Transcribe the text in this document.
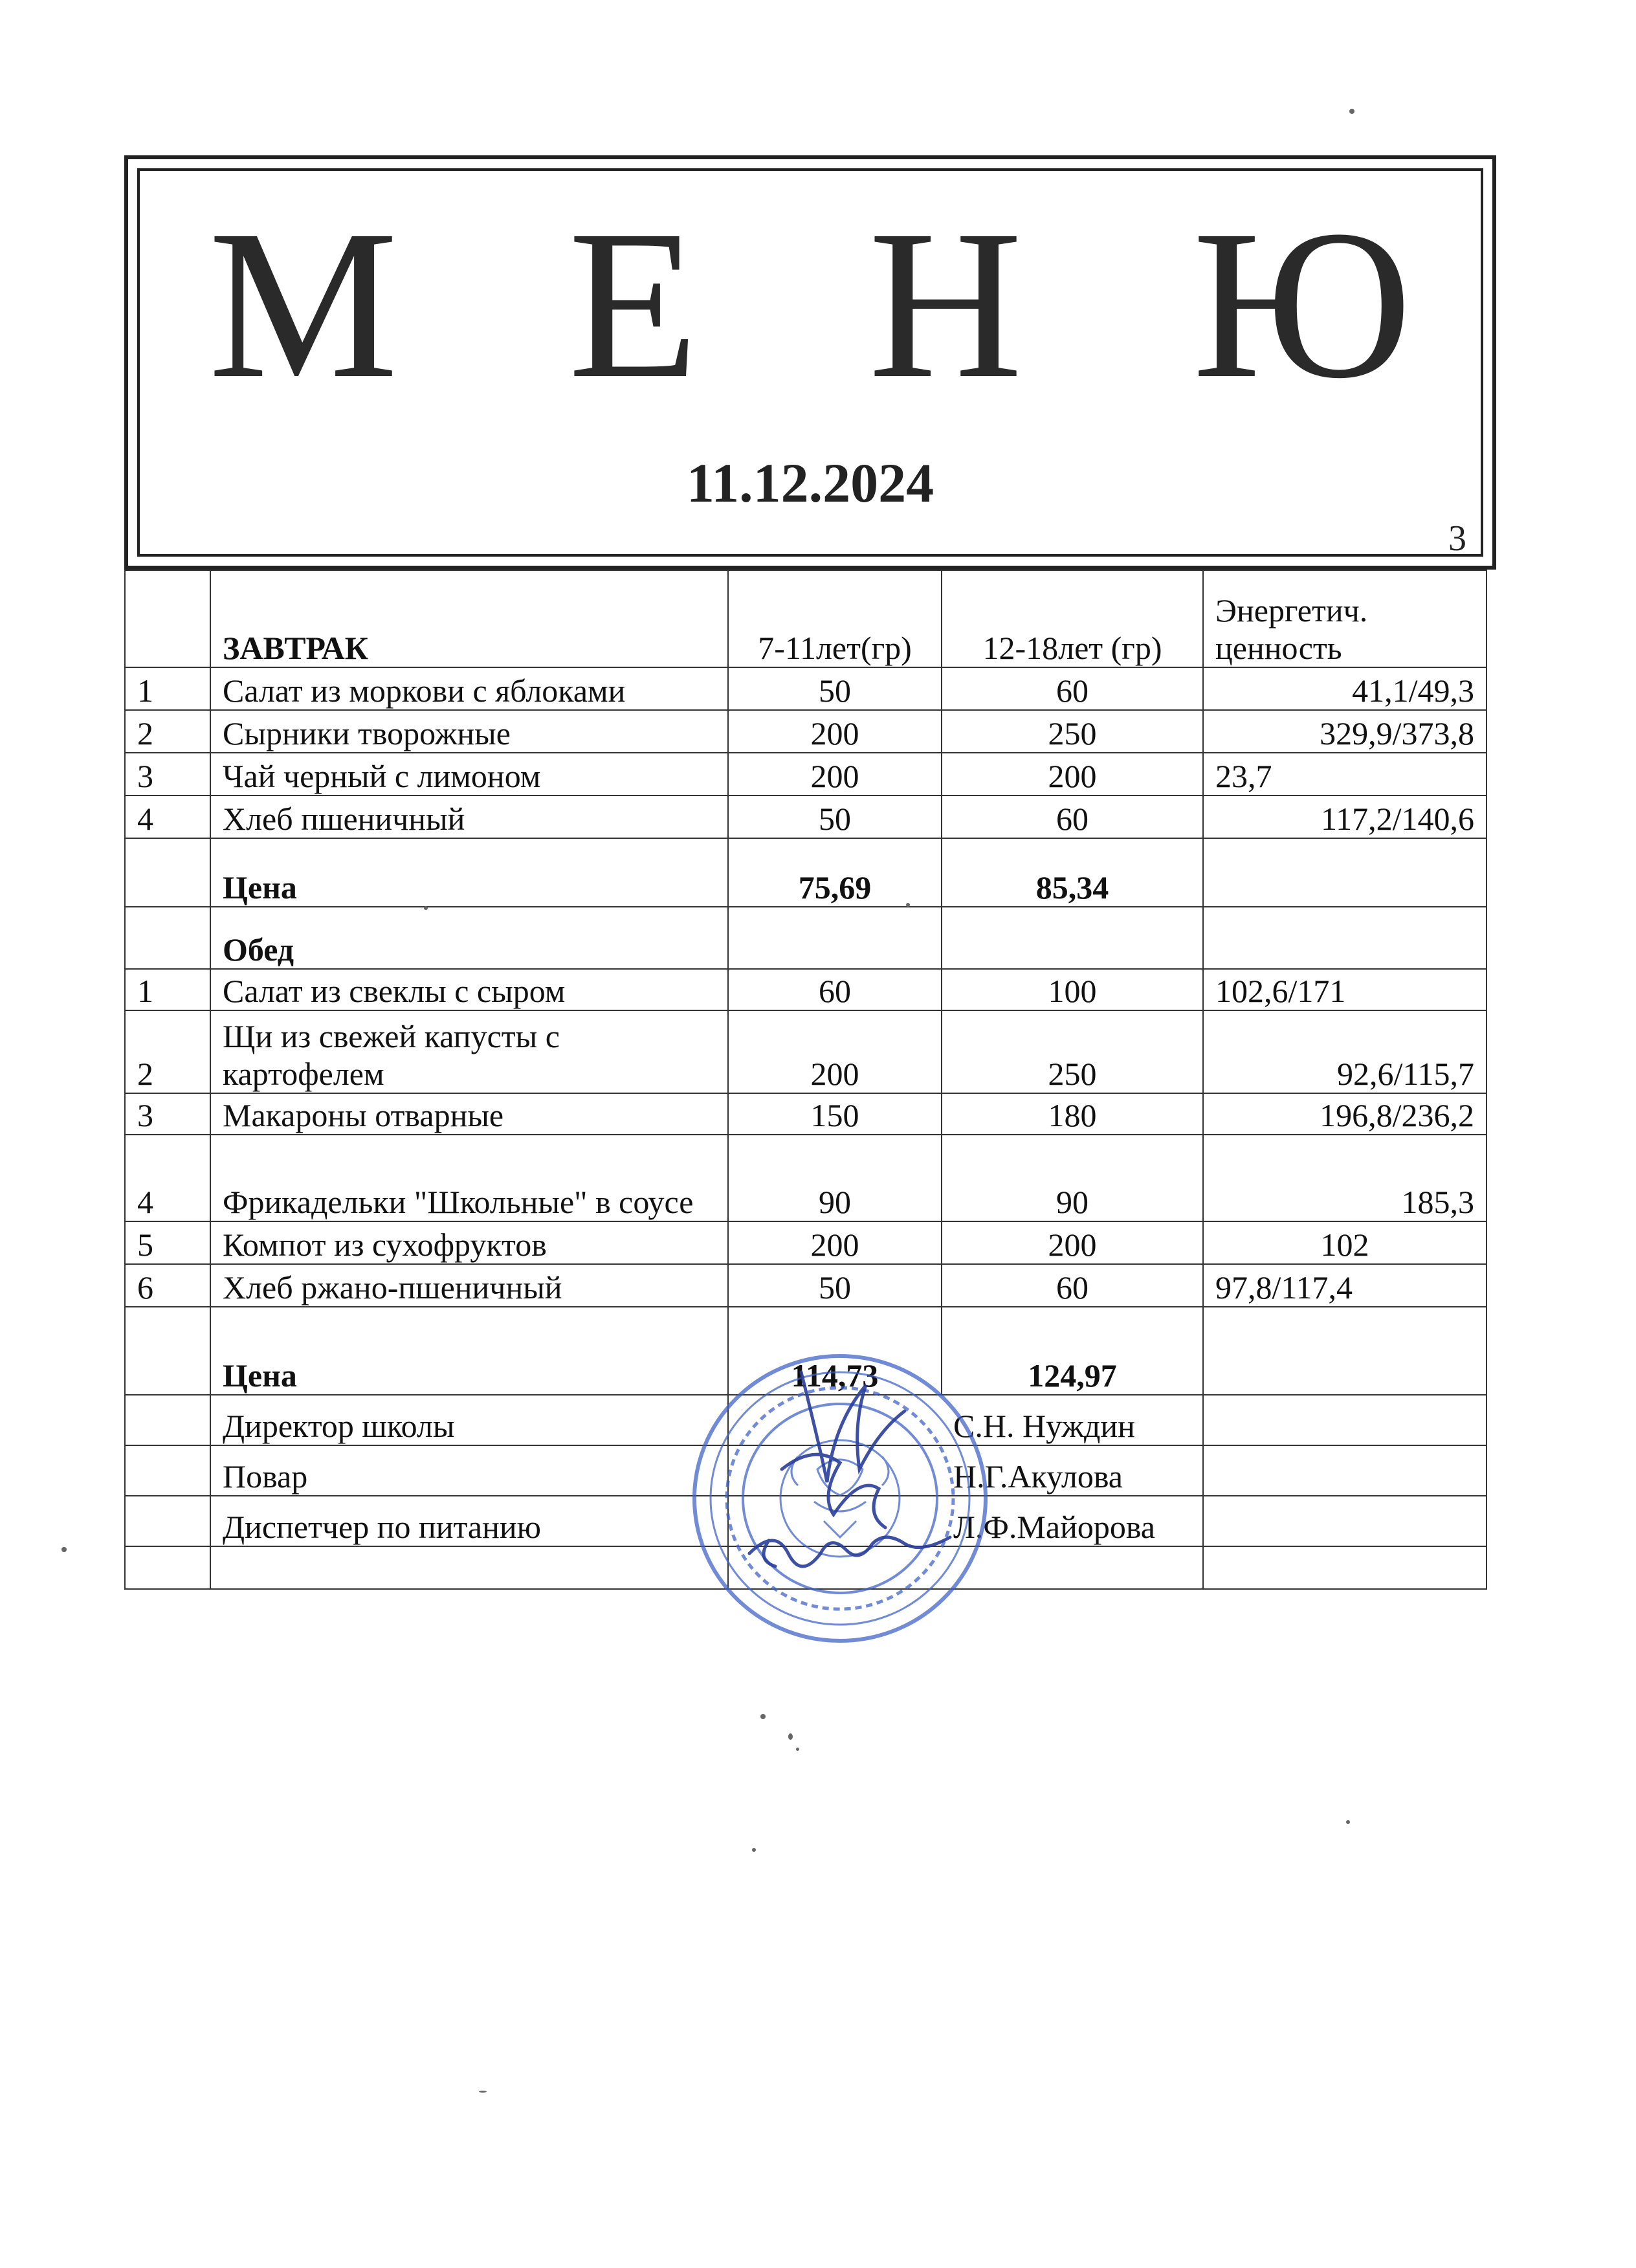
М Е Н Ю
11.12.2024
3
	ЗАВТРАК	7-11лет(гр)	12-18лет (гр)	Энергетич. ценность
1	Салат из моркови с яблоками	50	60	41,1/49,3
2	Сырники творожные	200	250	329,9/373,8
3	Чай черный с лимоном	200	200	23,7
4	Хлеб пшеничный	50	60	117,2/140,6
	Цена	75,69	85,34	
	Обед			
1	Салат из свеклы с сыром	60	100	102,6/171
2	Щи из свежей капусты с картофелем	200	250	92,6/115,7
3	Макароны отварные	150	180	196,8/236,2
4	Фрикадельки "Школьные" в соусе	90	90	185,3
5	Компот из сухофруктов	200	200	102
6	Хлеб ржано-пшеничный	50	60	97,8/117,4
	Цена	114,73	124,97	
	Директор школы		С.Н. Нуждин	
	Повар		Н.Г.Акулова	
	Диспетчер по питанию		Л.Ф.Майорова	
